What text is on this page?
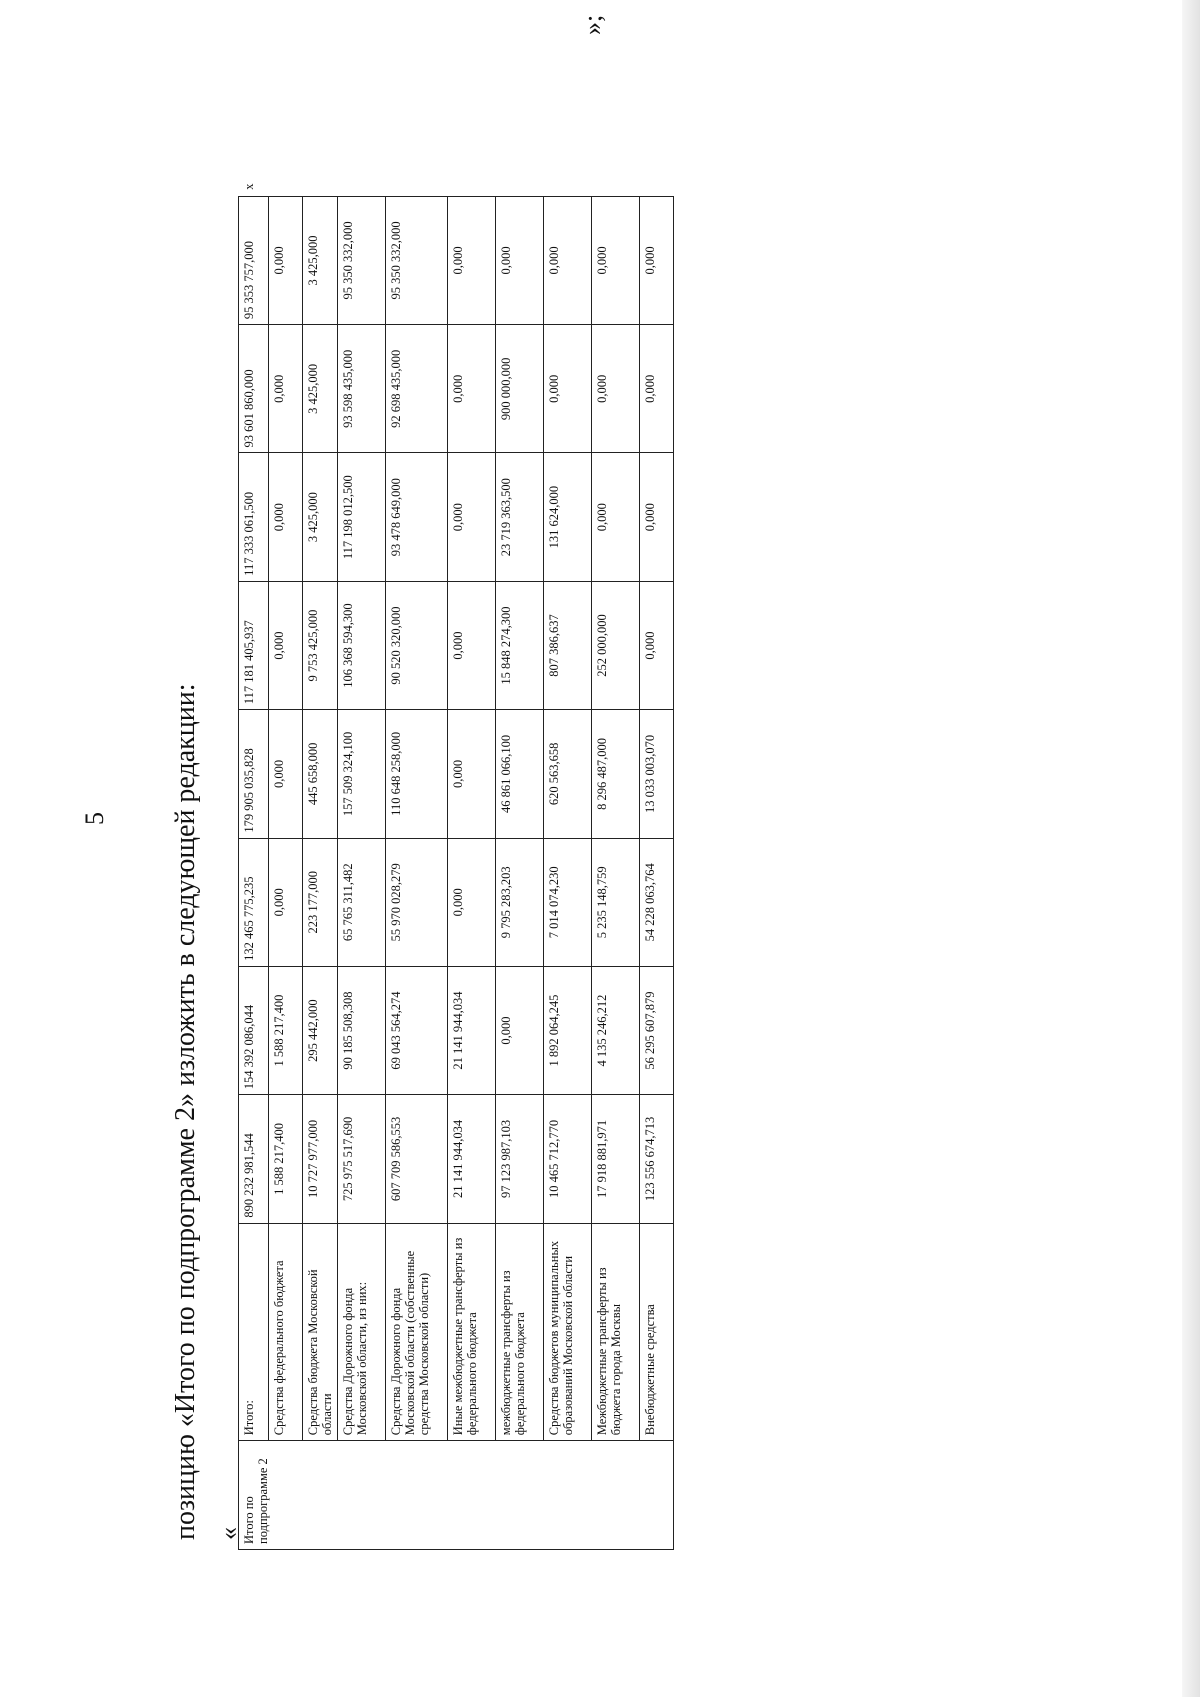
5 позицию «Итого по подпрограмме 2» изложить в следующей редакции: « Итого по подпрограмме 2	Итого:	890 232 981,544	154 392 086,044	132 465 775,235	179 905 035,828	117 181 405,937	117 333 061,500	93 601 860,000	95 353 757,000	x
	Средства федерального бюджета	1 588 217,400	1 588 217,400	0,000	0,000	0,000	0,000	0,000	0,000	
	Средства бюджета Московской области	10 727 977,000	295 442,000	223 177,000	445 658,000	9 753 425,000	3 425,000	3 425,000	3 425,000	
	Средства Дорожного фонда Московской области, из них:	725 975 517,690	90 185 508,308	65 765 311,482	157 509 324,100	106 368 594,300	117 198 012,500	93 598 435,000	95 350 332,000	
	Средства Дорожного фонда Московской области (собственные средства Московской области)	607 709 586,553	69 043 564,274	55 970 028,279	110 648 258,000	90 520 320,000	93 478 649,000	92 698 435,000	95 350 332,000	
	Иные межбюджетные трансферты из федерального бюджета	21 141 944,034	21 141 944,034	0,000	0,000	0,000	0,000	0,000	0,000	
	межбюджетные трансферты из федерального бюджета	97 123 987,103	0,000	9 795 283,203	46 861 066,100	15 848 274,300	23 719 363,500	900 000,000	0,000	
	Средства бюджетов муниципальных образований Московской области	10 465 712,770	1 892 064,245	7 014 074,230	620 563,658	807 386,637	131 624,000	0,000	0,000	
	Межбюджетные трансферты из бюджета города Москвы	17 918 881,971	4 135 246,212	5 235 148,759	8 296 487,000	252 000,000	0,000	0,000	0,000	
	Внебюджетные средства	123 556 674,713	56 295 607,879	54 228 063,764	13 033 003,070	0,000	0,000	0,000	0,000	
»;
